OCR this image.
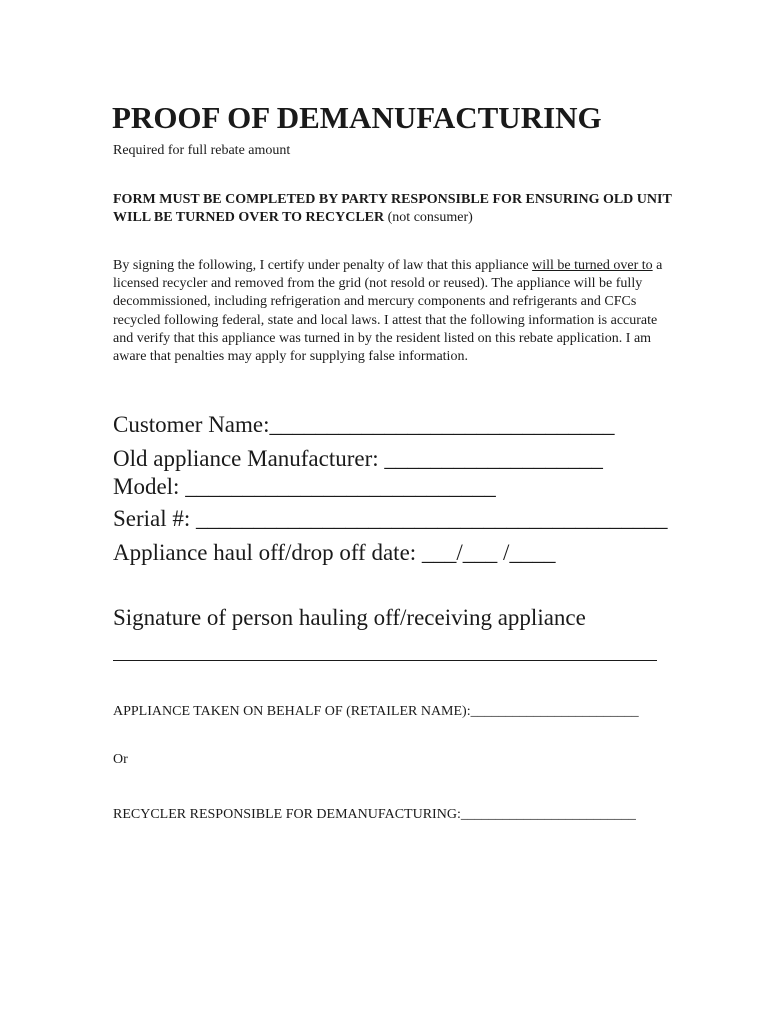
PROOF OF DEMANUFACTURING
Required for full rebate amount
FORM MUST BE COMPLETED BY PARTY RESPONSIBLE FOR ENSURING OLD UNIT WILL BE TURNED OVER TO RECYCLER (not consumer)
By signing the following, I certify under penalty of law that this appliance will be turned over to a licensed recycler and removed from the grid (not resold or reused). The appliance will be fully decommissioned, including refrigeration and mercury components and refrigerants and CFCs recycled following federal, state and local laws. I attest that the following information is accurate and verify that this appliance was turned in by the resident listed on this rebate application. I am aware that penalties may apply for supplying false information.
Customer Name:______________________________
Old appliance Manufacturer: ___________________
Model: ___________________________
Serial #: _________________________________________
Appliance haul off/drop off date: ___/___ /____
Signature of person hauling off/receiving appliance
APPLIANCE TAKEN ON BEHALF OF (RETAILER NAME):________________________
Or
RECYCLER RESPONSIBLE FOR DEMANUFACTURING:_________________________
